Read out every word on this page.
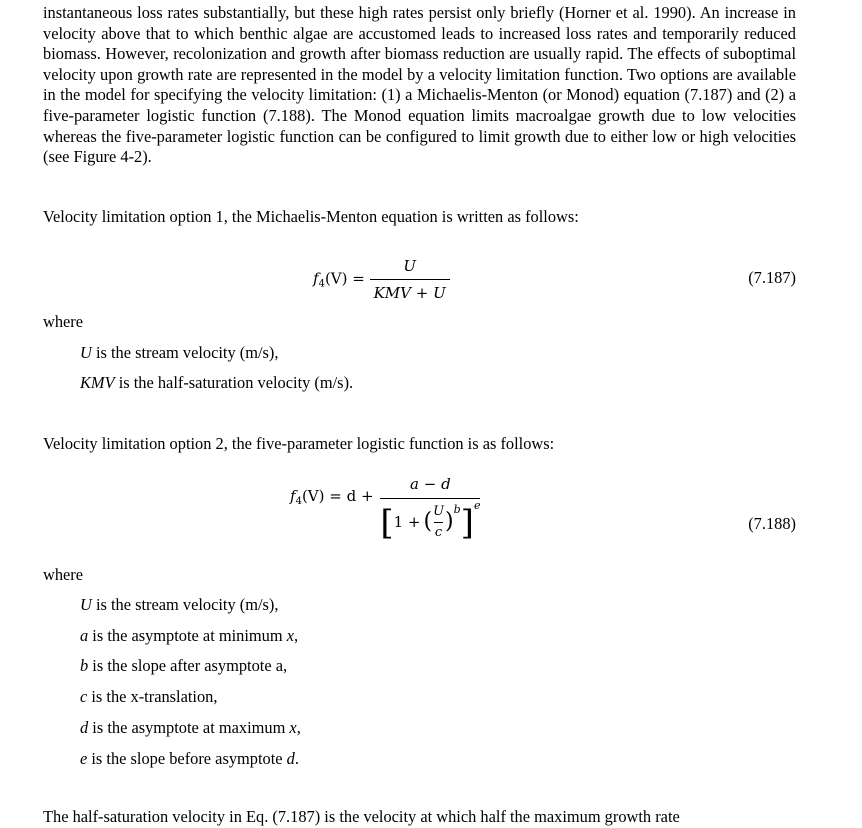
instantaneous loss rates substantially, but these high rates persist only briefly (Horner et al. 1990). An increase in velocity above that to which benthic algae are accustomed leads to increased loss rates and temporarily reduced biomass. However, recolonization and growth after biomass reduction are usually rapid. The effects of suboptimal velocity upon growth rate are represented in the model by a velocity limitation function. Two options are available in the model for specifying the velocity limitation: (1) a Michaelis-Menton (or Monod) equation (7.187) and (2) a five-parameter logistic function (7.188). The Monod equation limits macroalgae growth due to low velocities whereas the five-parameter logistic function can be configured to limit growth due to either low or high velocities (see Figure 4-2).

Velocity limitation option 1, the Michaelis-Menton equation is written as follows:

$f_4(V) = \frac{U}{\text{KMV + U}}$	(7.187)

where

U is the stream velocity (m/s),

KMV is the half-saturation velocity (m/s).

Velocity limitation option 2, the five-parameter logistic function is as follows:

$f_4(V) = d$ +
a − d
[ 1 + ( $\frac{U}{c}$ )
b ] e

(7.188)

where

U is the stream velocity (m/s),

a is the asymptote at minimum x,

b is the slope after asymptote a,

c is the x-translation,

d is the asymptote at maximum x,

e is the slope before asymptote d.

The half-saturation velocity in Eq. (7.187) is the velocity at which half the maximum growth rate
